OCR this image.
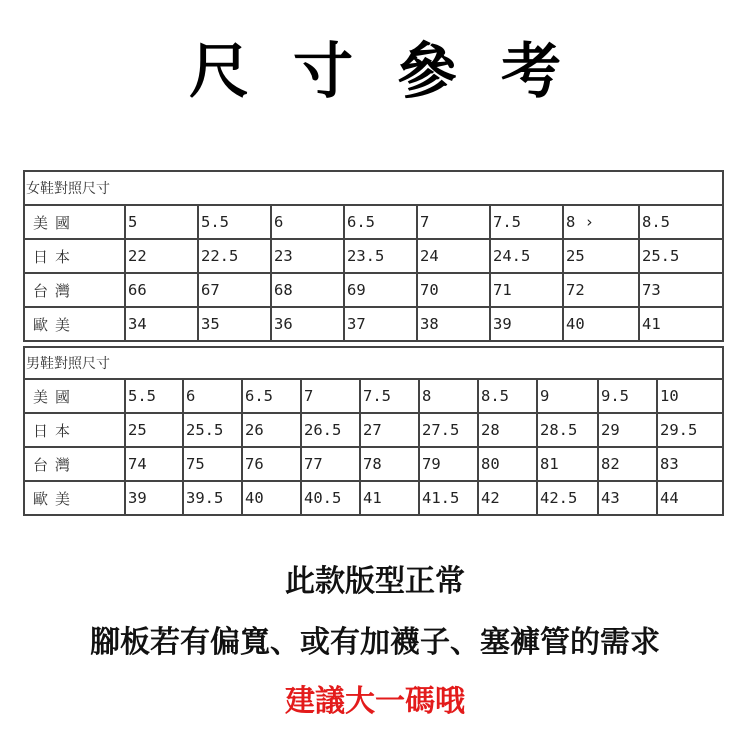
尺寸參考
女鞋對照尺寸								
美國	5	5.5	6	6.5	7	7.5	8 ›	8.5
日本	22	22.5	23	23.5	24	24.5	25	25.5
台灣	66	67	68	69	70	71	72	73
歐美	34	35	36	37	38	39	40	41
男鞋對照尺寸										
美國	5.5	6	6.5	7	7.5	8	8.5	9	9.5	10
日本	25	25.5	26	26.5	27	27.5	28	28.5	29	29.5
台灣	74	75	76	77	78	79	80	81	82	83
歐美	39	39.5	40	40.5	41	41.5	42	42.5	43	44

此款版型正常

腳板若有偏寬、或有加襪子、塞褲管的需求

建議大一碼哦
